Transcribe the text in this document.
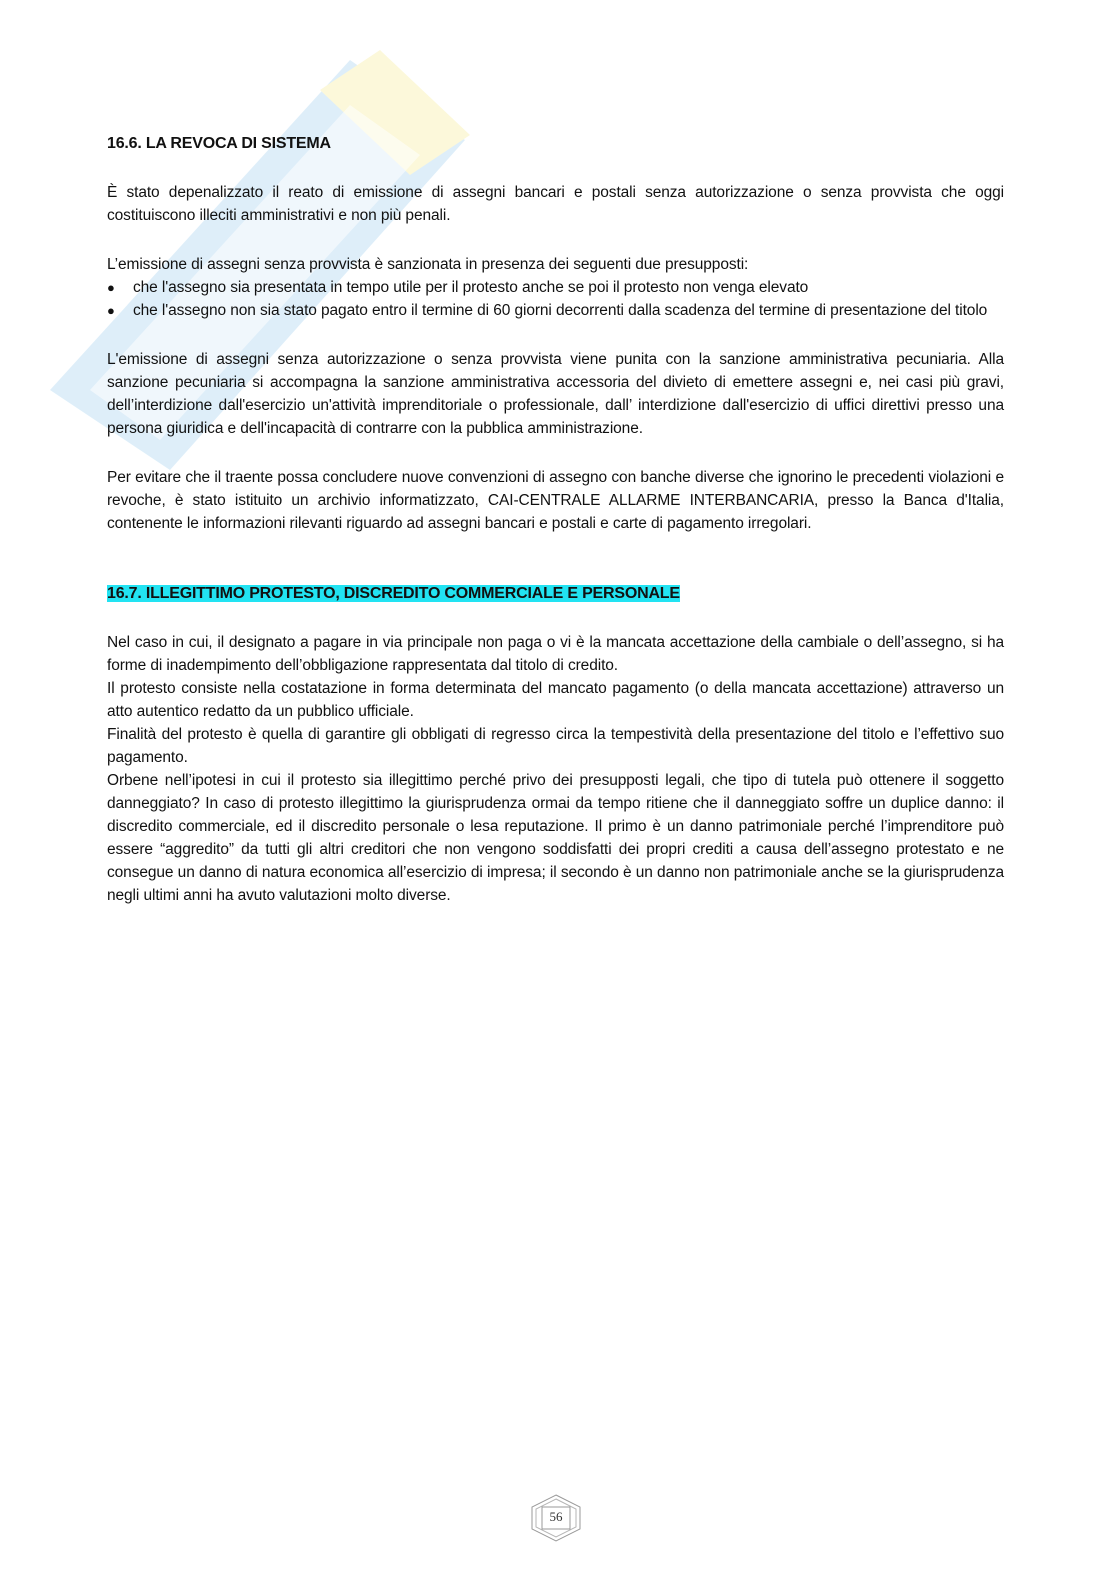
16.6. LA REVOCA DI SISTEMA

È stato depenalizzato il reato di emissione di assegni bancari e postali senza autorizzazione o senza provvista che oggi costituiscono illeciti amministrativi e non più penali.

L’emissione di assegni senza provvista è sanzionata in presenza dei seguenti due presupposti:

● che l'assegno sia presentata in tempo utile per il protesto anche se poi il protesto non venga elevato
● che l'assegno non sia stato pagato entro il termine di 60 giorni decorrenti dalla scadenza del termine di presentazione del titolo

L'emissione di assegni senza autorizzazione o senza provvista viene punita con la sanzione amministrativa pecuniaria. Alla sanzione pecuniaria si accompagna la sanzione amministrativa accessoria del divieto di emettere assegni e, nei casi più gravi, dell’interdizione dall'esercizio un'attività imprenditoriale o professionale, dall’ interdizione dall'esercizio di uffici direttivi presso una persona giuridica e dell'incapacità di contrarre con la pubblica amministrazione.

Per evitare che il traente possa concludere nuove convenzioni di assegno con banche diverse che ignorino le precedenti violazioni e revoche, è stato istituito un archivio informatizzato, CAI-CENTRALE ALLARME INTERBANCARIA, presso la Banca d'Italia, contenente le informazioni rilevanti riguardo ad assegni bancari e postali e carte di pagamento irregolari.

16.7. ILLEGITTIMO PROTESTO, DISCREDITO COMMERCIALE E PERSONALE

Nel caso in cui, il designato a pagare in via principale non paga o vi è la mancata accettazione della cambiale o dell’assegno, si ha forme di inadempimento dell’obbligazione rappresentata dal titolo di credito.

Il protesto consiste nella costatazione in forma determinata del mancato pagamento (o della mancata accettazione) attraverso un atto autentico redatto da un pubblico ufficiale.

Finalità del protesto è quella di garantire gli obbligati di regresso circa la tempestività della presentazione del titolo e l’effettivo suo pagamento.

Orbene nell’ipotesi in cui il protesto sia illegittimo perché privo dei presupposti legali, che tipo di tutela può ottenere il soggetto danneggiato? In caso di protesto illegittimo la giurisprudenza ormai da tempo ritiene che il danneggiato soffre un duplice danno: il discredito commerciale, ed il discredito personale o lesa reputazione. Il primo è un danno patrimoniale perché l’imprenditore può essere “aggredito” da tutti gli altri creditori che non vengono soddisfatti dei propri crediti a causa dell’assegno protestato e ne consegue un danno di natura economica all’esercizio di impresa; il secondo è un danno non patrimoniale anche se la giurisprudenza negli ultimi anni ha avuto valutazioni molto diverse.

56
